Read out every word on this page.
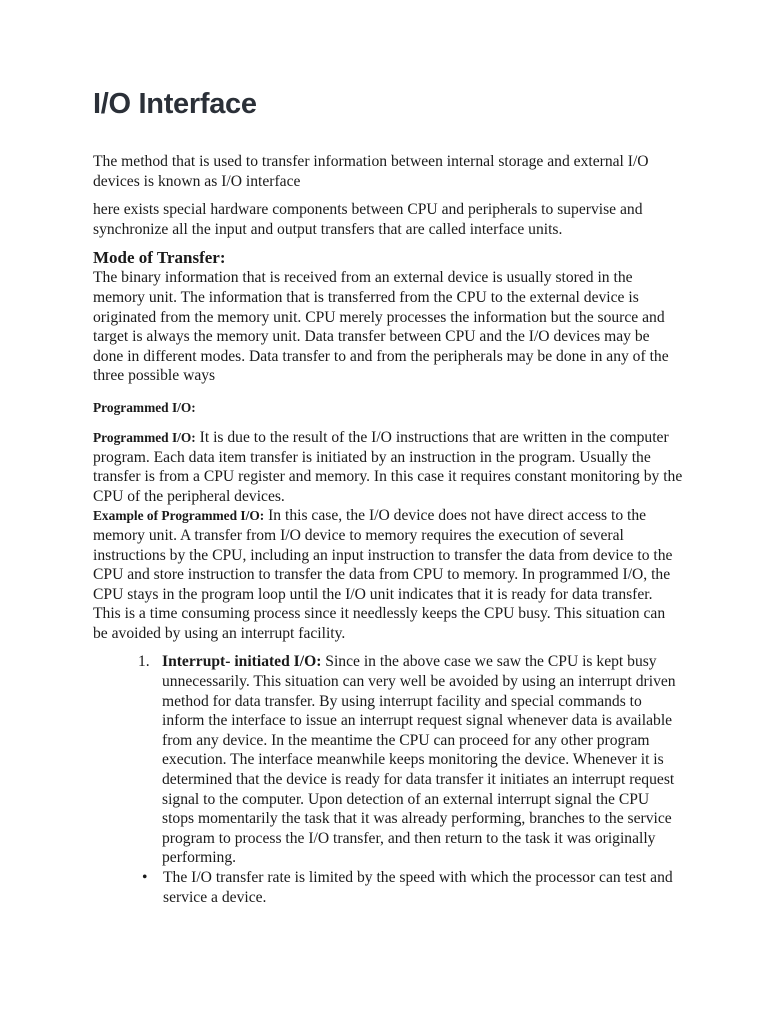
I/O Interface

The method that is used to transfer information between internal storage and external I/O devices is known as I/O interface

here exists special hardware components between CPU and peripherals to supervise and synchronize all the input and output transfers that are called interface units.

Mode of Transfer:

The binary information that is received from an external device is usually stored in the memory unit. The information that is transferred from the CPU to the external device is originated from the memory unit. CPU merely processes the information but the source and target is always the memory unit. Data transfer between CPU and the I/O devices may be done in different modes. Data transfer to and from the peripherals may be done in any of the three possible ways

Programmed I/O:

Programmed I/O: It is due to the result of the I/O instructions that are written in the computer program. Each data item transfer is initiated by an instruction in the program. Usually the transfer is from a CPU register and memory. In this case it requires constant monitoring by the CPU of the peripheral devices.

Example of Programmed I/O: In this case, the I/O device does not have direct access to the memory unit. A transfer from I/O device to memory requires the execution of several instructions by the CPU, including an input instruction to transfer the data from device to the CPU and store instruction to transfer the data from CPU to memory. In programmed I/O, the CPU stays in the program loop until the I/O unit indicates that it is ready for data transfer. This is a time consuming process since it needlessly keeps the CPU busy. This situation can be avoided by using an interrupt facility.

1. Interrupt- initiated I/O: Since in the above case we saw the CPU is kept busy unnecessarily. This situation can very well be avoided by using an interrupt driven method for data transfer. By using interrupt facility and special commands to inform the interface to issue an interrupt request signal whenever data is available from any device. In the meantime the CPU can proceed for any other program execution. The interface meanwhile keeps monitoring the device. Whenever it is determined that the device is ready for data transfer it initiates an interrupt request signal to the computer. Upon detection of an external interrupt signal the CPU stops momentarily the task that it was already performing, branches to the service program to process the I/O transfer, and then return to the task it was originally performing.
• The I/O transfer rate is limited by the speed with which the processor can test and service a device.
